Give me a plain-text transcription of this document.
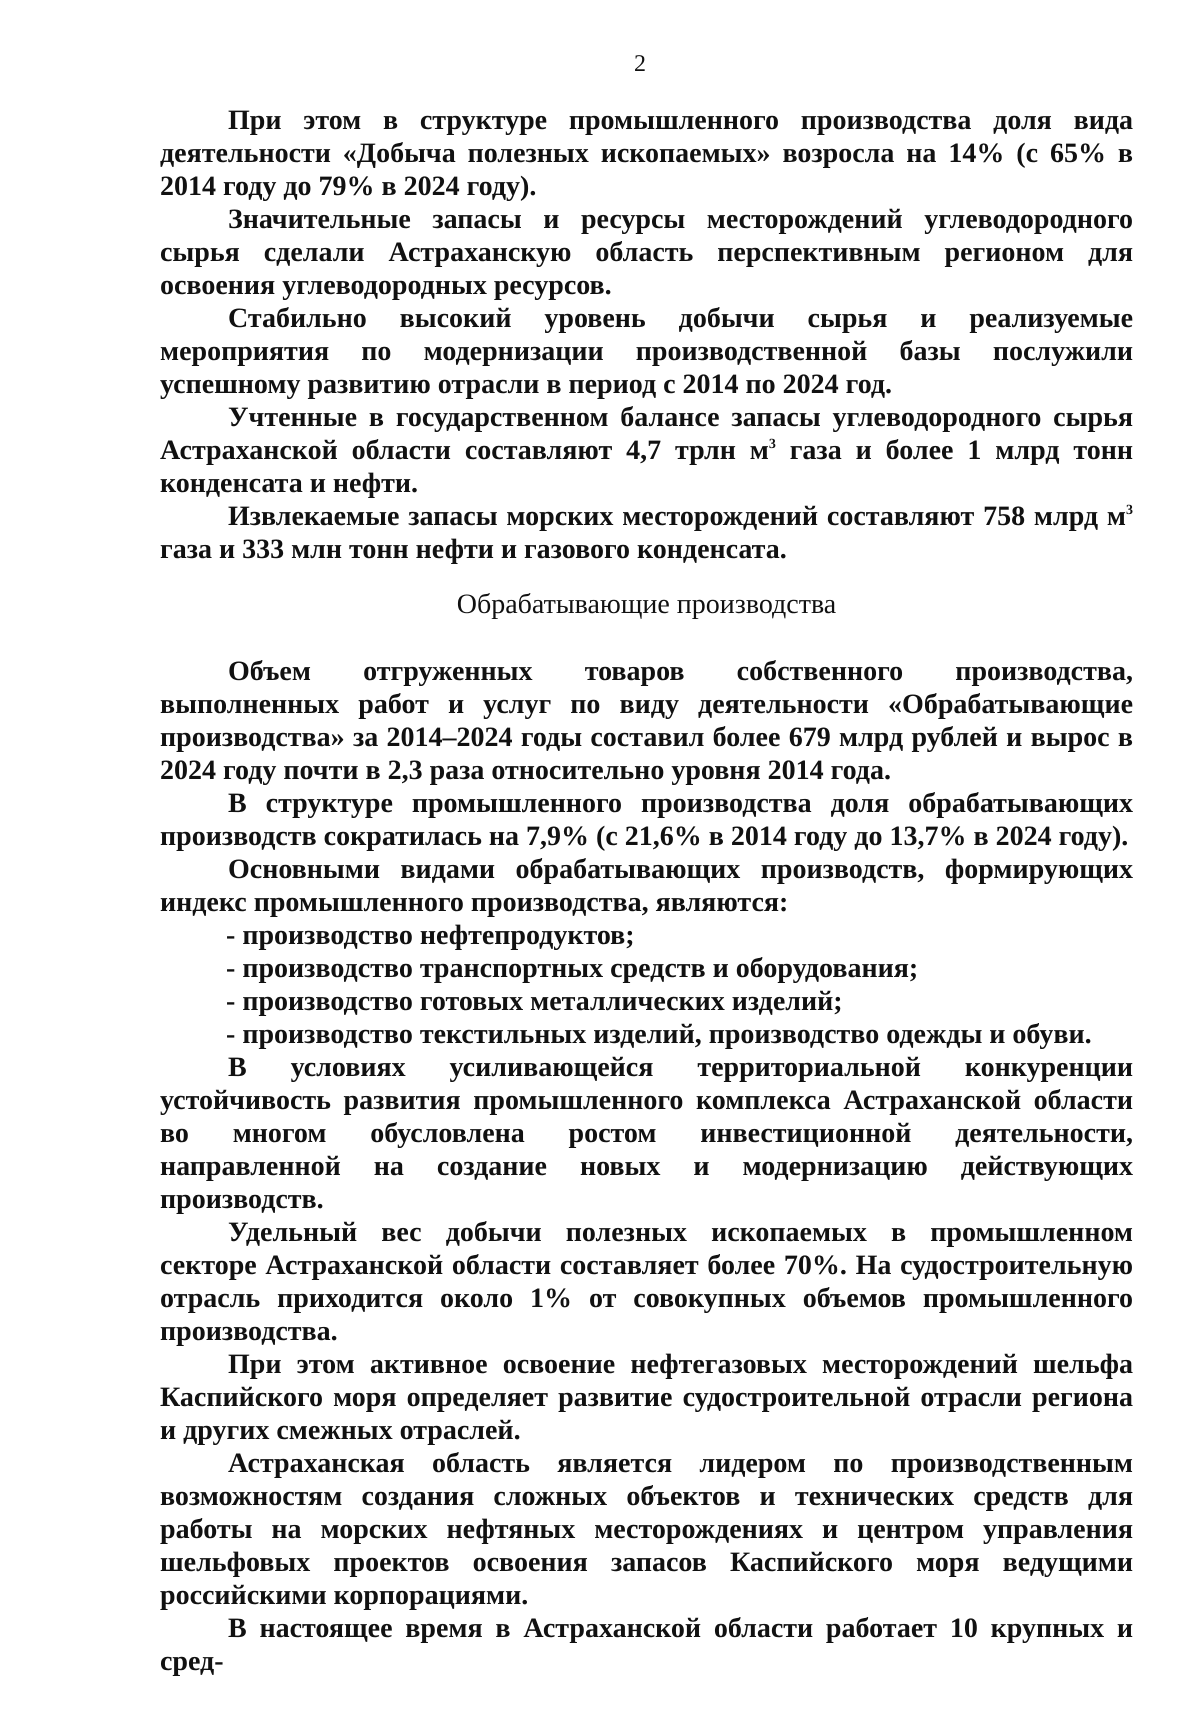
2

При этом в структуре промышленного производства доля вида деятельности «Добыча полезных ископаемых» возросла на 14% (с 65% в 2014 году до 79% в 2024 году).

Значительные запасы и ресурсы месторождений углеводородного сырья сделали Астраханскую область перспективным регионом для освоения углеводородных ресурсов.

Стабильно высокий уровень добычи сырья и реализуемые мероприятия по модернизации производственной базы послужили успешному развитию отрасли в период с 2014 по 2024 год.

Учтенные в государственном балансе запасы углеводородного сырья Астраханской области составляют 4,7 трлн $м^3$ газа и более 1 млрд тонн конденсата и нефти.

Извлекаемые запасы морских месторождений составляют 758 млрд $м^3$ газа и 333 млн тонн нефти и газового конденсата.

Обрабатывающие производства

Объем отгруженных товаров собственного производства, выполненных работ и услуг по виду деятельности «Обрабатывающие производства» за 2014–2024 годы составил более 679 млрд рублей и вырос в 2024 году почти в 2,3 раза относительно уровня 2014 года.

В структуре промышленного производства доля обрабатывающих производств сократилась на 7,9% (с 21,6% в 2014 году до 13,7% в 2024 году).

Основными видами обрабатывающих производств, формирующих индекс промышленного производства, являются:

- производство нефтепродуктов;
- производство транспортных средств и оборудования;
- производство готовых металлических изделий;
- производство текстильных изделий, производство одежды и обуви.

В условиях усиливающейся территориальной конкуренции устойчивость развития промышленного комплекса Астраханской области во многом обусловлена ростом инвестиционной деятельности, направленной на создание новых и модернизацию действующих производств.

Удельный вес добычи полезных ископаемых в промышленном секторе Астраханской области составляет более 70%. На судостроительную отрасль приходится около 1% от совокупных объемов промышленного производства.

При этом активное освоение нефтегазовых месторождений шельфа Каспийского моря определяет развитие судостроительной отрасли региона и других смежных отраслей.

Астраханская область является лидером по производственным возможностям создания сложных объектов и технических средств для работы на морских нефтяных месторождениях и центром управления шельфовых проектов освоения запасов Каспийского моря ведущими российскими корпорациями.

В настоящее время в Астраханской области работает 10 крупных и сред-
